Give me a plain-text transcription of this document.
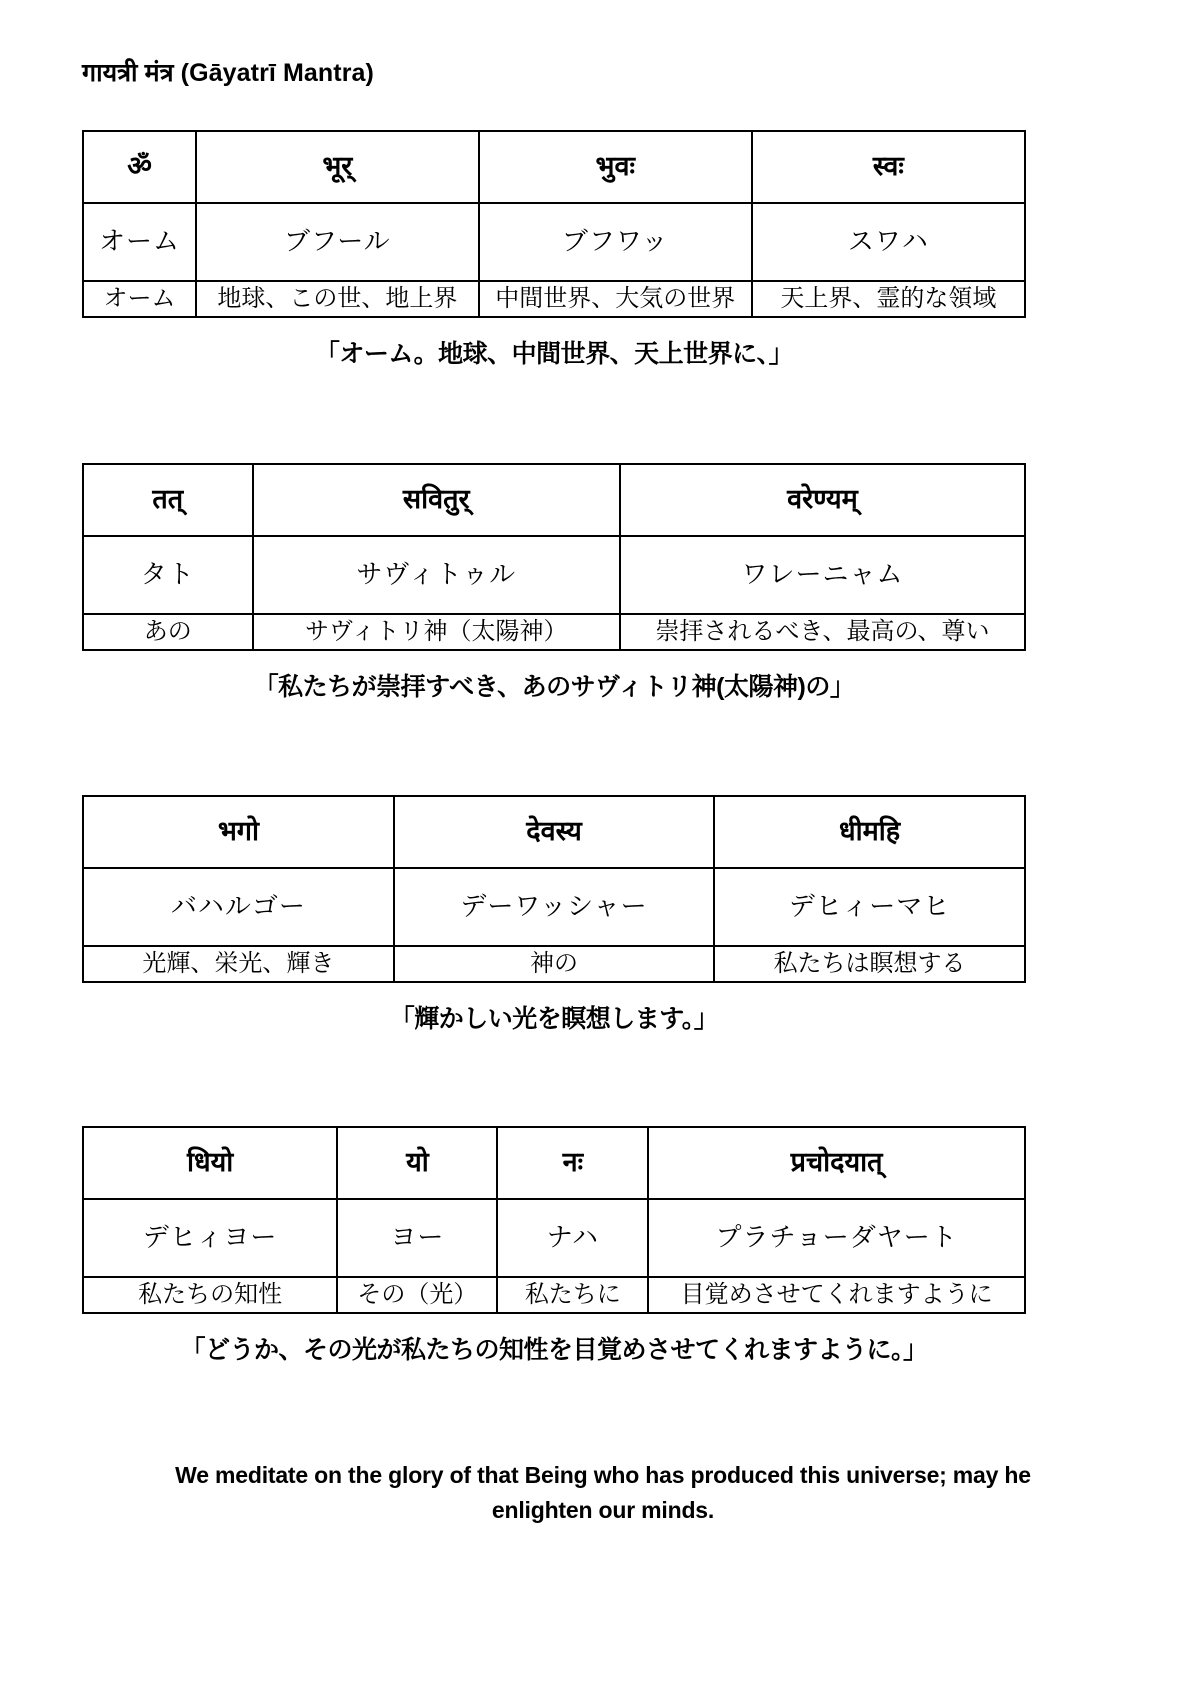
गायत्री मंत्र (Gāyatrī Mantra)
ॐ	भूर्	भुवः	स्वः
オーム	ブフール	ブフワッ	スワハ
オーム	地球、この世、地上界	中間世界、大気の世界	天上界、霊的な領域

「オーム。地球、中間世界、天上世界に、」

तत्	सवितुर्	वरेण्यम्
タト	サヴィトゥル	ワレーニャム
あの	サヴィトリ神（太陽神）	崇拝されるべき、最高の、尊い

「私たちが崇拝すべき、あのサヴィトリ神(太陽神)の」

भगो	देवस्य	धीमहि
バハルゴー	デーワッシャー	デヒィーマヒ
光輝、栄光、輝き	神の	私たちは瞑想する

「輝かしい光を瞑想します。」

धियो	यो	नः	प्रचोदयात्
デヒィヨー	ヨー	ナハ	プラチョーダヤート
私たちの知性	その（光）	私たちに	目覚めさせてくれますように

「どうか、その光が私たちの知性を目覚めさせてくれますように。」

We meditate on the glory of that Being who has produced this universe; may he enlighten our minds.
